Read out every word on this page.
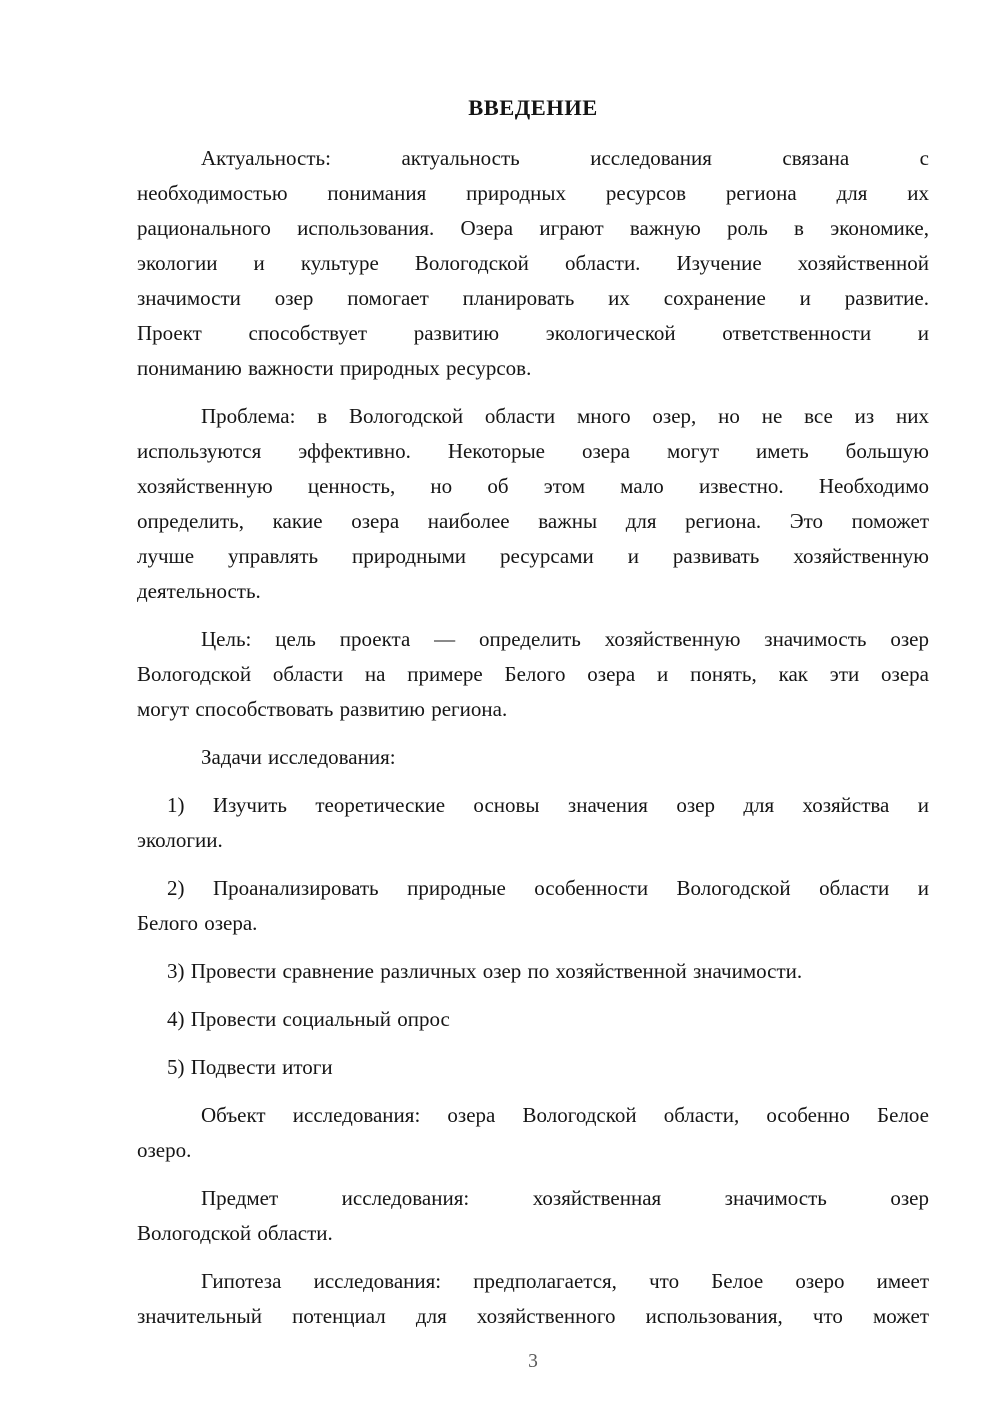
ВВЕДЕНИЕ
Актуальность: актуальность исследования связана с
необходимостью понимания природных ресурсов региона для их
рационального использования. Озера играют важную роль в экономике,
экологии и культуре Вологодской области. Изучение хозяйственной
значимости озер помогает планировать их сохранение и развитие.
Проект способствует развитию экологической ответственности и
пониманию важности природных ресурсов.
Проблема: в Вологодской области много озер, но не все из них
используются эффективно. Некоторые озера могут иметь большую
хозяйственную ценность, но об этом мало известно. Необходимо
определить, какие озера наиболее важны для региона. Это поможет
лучше управлять природными ресурсами и развивать хозяйственную
деятельность.
Цель: цель проекта — определить хозяйственную значимость озер
Вологодской области на примере Белого озера и понять, как эти озера
могут способствовать развитию региона.
Задачи исследования:
1) Изучить теоретические основы значения озер для хозяйства и
экологии.
2) Проанализировать природные особенности Вологодской области и
Белого озера.
3) Провести сравнение различных озер по хозяйственной значимости.
4) Провести социальный опрос
5) Подвести итоги
Объект исследования: озера Вологодской области, особенно Белое
озеро.
Предмет исследования: хозяйственная значимость озер
Вологодской области.
Гипотеза исследования: предполагается, что Белое озеро имеет
значительный потенциал для хозяйственного использования, что может
3
